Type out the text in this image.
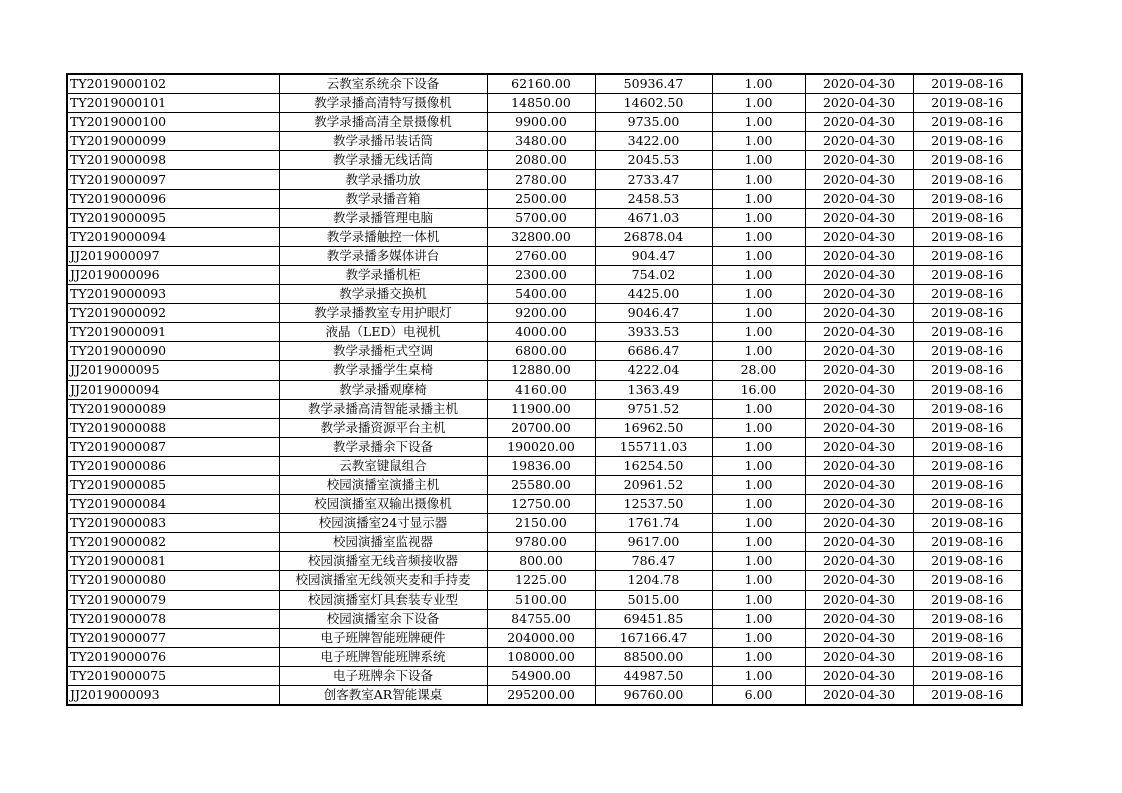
TY2019000102	云教室系统余下设备	62160.00	50936.47	1.00	2020-04-30	2019-08-16
TY2019000101	教学录播高清特写摄像机	14850.00	14602.50	1.00	2020-04-30	2019-08-16
TY2019000100	教学录播高清全景摄像机	9900.00	9735.00	1.00	2020-04-30	2019-08-16
TY2019000099	教学录播吊装话筒	3480.00	3422.00	1.00	2020-04-30	2019-08-16
TY2019000098	教学录播无线话筒	2080.00	2045.53	1.00	2020-04-30	2019-08-16
TY2019000097	教学录播功放	2780.00	2733.47	1.00	2020-04-30	2019-08-16
TY2019000096	教学录播音箱	2500.00	2458.53	1.00	2020-04-30	2019-08-16
TY2019000095	教学录播管理电脑	5700.00	4671.03	1.00	2020-04-30	2019-08-16
TY2019000094	教学录播触控一体机	32800.00	26878.04	1.00	2020-04-30	2019-08-16
JJ2019000097	教学录播多媒体讲台	2760.00	904.47	1.00	2020-04-30	2019-08-16
JJ2019000096	教学录播机柜	2300.00	754.02	1.00	2020-04-30	2019-08-16
TY2019000093	教学录播交换机	5400.00	4425.00	1.00	2020-04-30	2019-08-16
TY2019000092	教学录播教室专用护眼灯	9200.00	9046.47	1.00	2020-04-30	2019-08-16
TY2019000091	液晶（LED）电视机	4000.00	3933.53	1.00	2020-04-30	2019-08-16
TY2019000090	教学录播柜式空调	6800.00	6686.47	1.00	2020-04-30	2019-08-16
JJ2019000095	教学录播学生桌椅	12880.00	4222.04	28.00	2020-04-30	2019-08-16
JJ2019000094	教学录播观摩椅	4160.00	1363.49	16.00	2020-04-30	2019-08-16
TY2019000089	教学录播高清智能录播主机	11900.00	9751.52	1.00	2020-04-30	2019-08-16
TY2019000088	教学录播资源平台主机	20700.00	16962.50	1.00	2020-04-30	2019-08-16
TY2019000087	教学录播余下设备	190020.00	155711.03	1.00	2020-04-30	2019-08-16
TY2019000086	云教室键鼠组合	19836.00	16254.50	1.00	2020-04-30	2019-08-16
TY2019000085	校园演播室演播主机	25580.00	20961.52	1.00	2020-04-30	2019-08-16
TY2019000084	校园演播室双输出摄像机	12750.00	12537.50	1.00	2020-04-30	2019-08-16
TY2019000083	校园演播室24寸显示器	2150.00	1761.74	1.00	2020-04-30	2019-08-16
TY2019000082	校园演播室监视器	9780.00	9617.00	1.00	2020-04-30	2019-08-16
TY2019000081	校园演播室无线音频接收器	800.00	786.47	1.00	2020-04-30	2019-08-16
TY2019000080	校园演播室无线领夹麦和手持麦	1225.00	1204.78	1.00	2020-04-30	2019-08-16
TY2019000079	校园演播室灯具套装专业型	5100.00	5015.00	1.00	2020-04-30	2019-08-16
TY2019000078	校园演播室余下设备	84755.00	69451.85	1.00	2020-04-30	2019-08-16
TY2019000077	电子班牌智能班牌硬件	204000.00	167166.47	1.00	2020-04-30	2019-08-16
TY2019000076	电子班牌智能班牌系统	108000.00	88500.00	1.00	2020-04-30	2019-08-16
TY2019000075	电子班牌余下设备	54900.00	44987.50	1.00	2020-04-30	2019-08-16
JJ2019000093	创客教室AR智能课桌	295200.00	96760.00	6.00	2020-04-30	2019-08-16
